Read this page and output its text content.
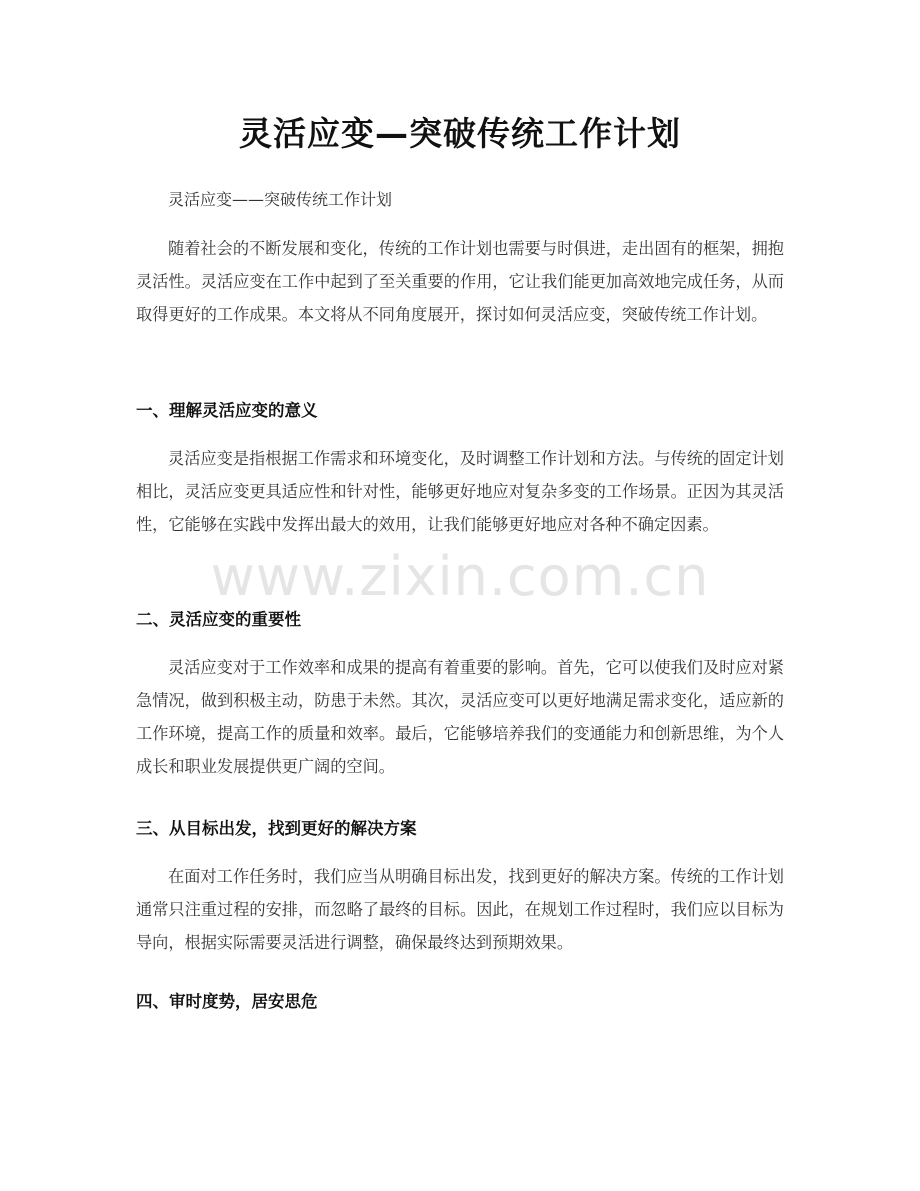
灵活应变—突破传统工作计划

灵活应变——突破传统工作计划

随着社会的不断发展和变化，传统的工作计划也需要与时俱进，走出固有的框架，拥抱灵活性。灵活应变在工作中起到了至关重要的作用，它让我们能更加高效地完成任务，从而取得更好的工作成果。本文将从不同角度展开，探讨如何灵活应变，突破传统工作计划。

一、理解灵活应变的意义

灵活应变是指根据工作需求和环境变化，及时调整工作计划和方法。与传统的固定计划相比，灵活应变更具适应性和针对性，能够更好地应对复杂多变的工作场景。正因为其灵活性，它能够在实践中发挥出最大的效用，让我们能够更好地应对各种不确定因素。

二、灵活应变的重要性

灵活应变对于工作效率和成果的提高有着重要的影响。首先，它可以使我们及时应对紧急情况，做到积极主动，防患于未然。其次，灵活应变可以更好地满足需求变化，适应新的工作环境，提高工作的质量和效率。最后，它能够培养我们的变通能力和创新思维，为个人成长和职业发展提供更广阔的空间。

三、从目标出发，找到更好的解决方案

在面对工作任务时，我们应当从明确目标出发，找到更好的解决方案。传统的工作计划通常只注重过程的安排，而忽略了最终的目标。因此，在规划工作过程时，我们应以目标为导向，根据实际需要灵活进行调整，确保最终达到预期效果。

四、审时度势，居安思危
www.zixin.com.cn
